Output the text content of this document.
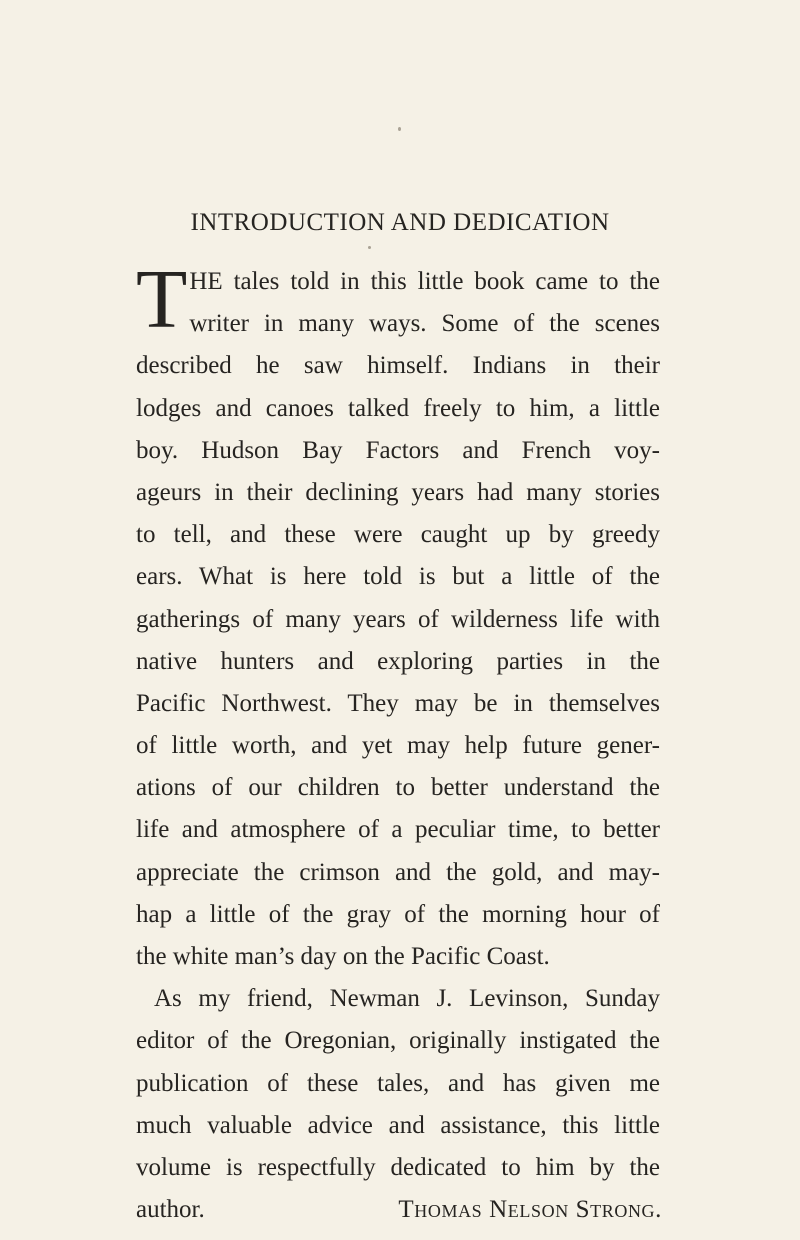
INTRODUCTION AND DEDICATION
T HE tales told in this little book came to the
writer in many ways. Some of the scenes
described he saw himself. Indians in their
lodges and canoes talked freely to him, a little
boy. Hudson Bay Factors and French voy-
ageurs in their declining years had many stories
to tell, and these were caught up by greedy
ears. What is here told is but a little of the
gatherings of many years of wilderness life with
native hunters and exploring parties in the
Pacific Northwest. They may be in themselves
of little worth, and yet may help future gener-
ations of our children to better understand the
life and atmosphere of a peculiar time, to better
appreciate the crimson and the gold, and may-
hap a little of the gray of the morning hour of
the white man’s day on the Pacific Coast.
As my friend, Newman J. Levinson, Sunday
editor of the Oregonian, originally instigated the
publication of these tales, and has given me
much valuable advice and assistance, this little
volume is respectfully dedicated to him by the
author.	Thomas Nelson Strong.
